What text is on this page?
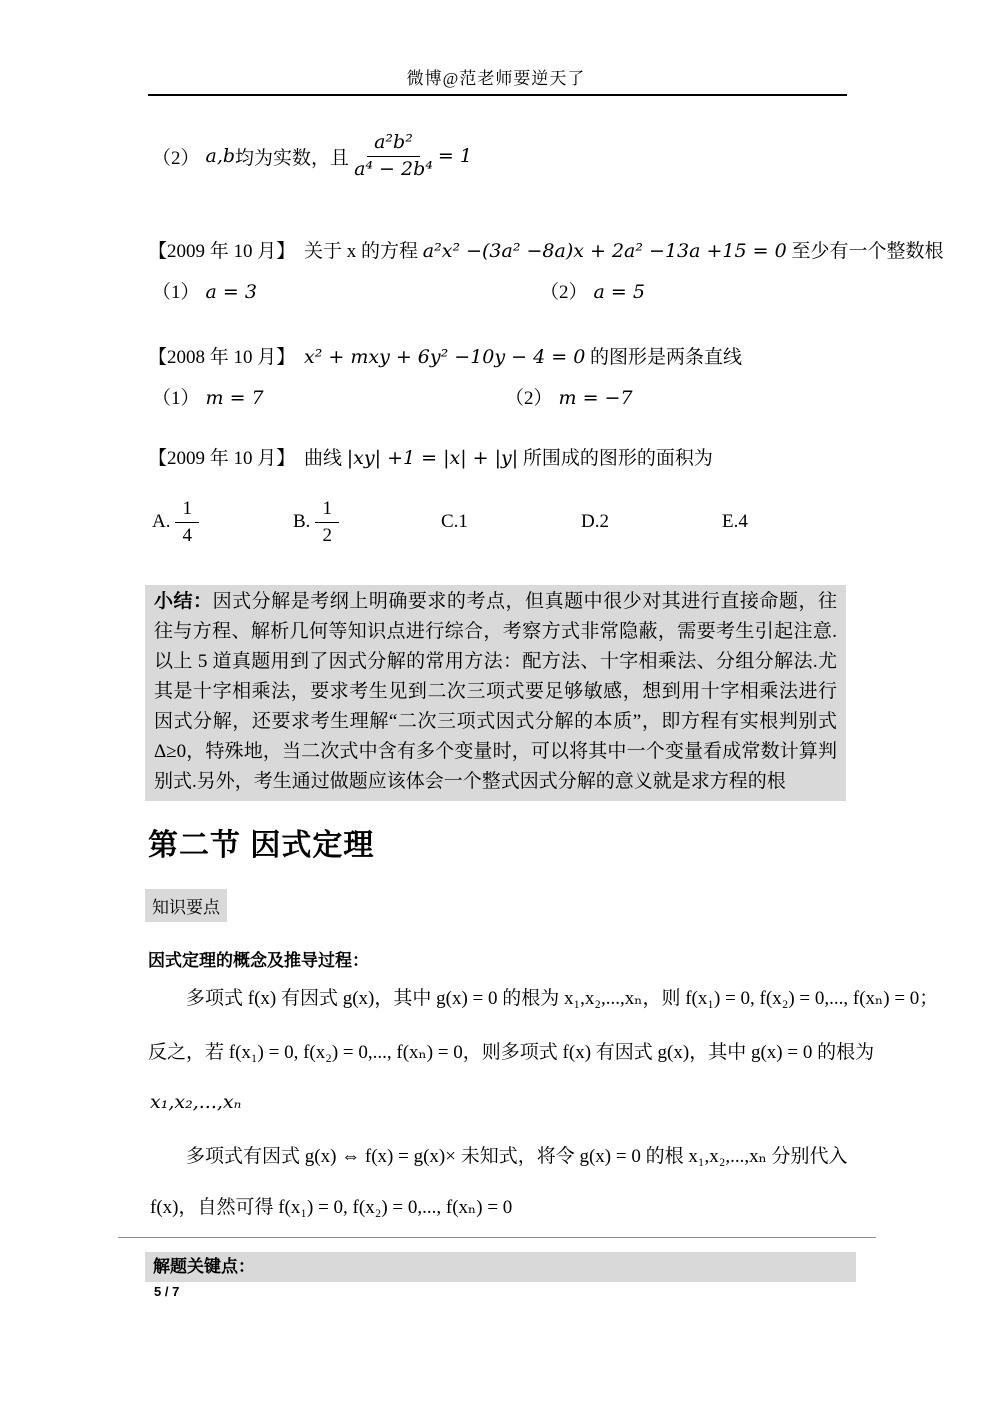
微博@范老师要逆天了
（2） a,b 均为实数，且 $\frac{\text{a²b²}}{\text{a⁴ − 2b⁴}} = 1$
【2009 年 10 月】 关于 x 的方程 a²x² −(3a² −8a)x + 2a² −13a +15 = 0 至少有一个整数根
（1） a = 3	（2） a = 5
【2008 年 10 月】 x² + mxy + 6y² −10y − 4 = 0 的图形是两条直线
（1） m = 7	（2） m = −7
【2009 年 10 月】 曲线 |xy| +1 = |x| + |y| 所围成的图形的面积为
A. $\frac{1}{4}$	B. $\frac{1}{2}$	C.1	D.2	E.4
小结：因式分解是考纲上明确要求的考点，但真题中很少对其进行直接命题，往往与方程、解析几何等知识点进行综合，考察方式非常隐蔽，需要考生引起注意.以上 5 道真题用到了因式分解的常用方法：配方法、十字相乘法、分组分解法.尤其是十字相乘法，要求考生见到二次三项式要足够敏感，想到用十字相乘法进行因式分解，还要求考生理解“二次三项式因式分解的本质”，即方程有实根判别式 Δ≥0，特殊地，当二次式中含有多个变量时，可以将其中一个变量看成常数计算判别式.另外，考生通过做题应该体会一个整式因式分解的意义就是求方程的根
第二节 因式定理
知识要点
因式定理的概念及推导过程：
多项式 f(x) 有因式 g(x)，其中 g(x) = 0 的根为 x₁,x₂,...,xₙ，则 f(x₁) = 0, f(x₂) = 0,..., f(xₙ) = 0；
反之，若 f(x₁) = 0, f(x₂) = 0,..., f(xₙ) = 0，则多项式 f(x) 有因式 g(x)，其中 g(x) = 0 的根为
x₁,x₂,...,xₙ
多项式有因式 g(x) ⇔ f(x) = g(x)× 未知式，将令 g(x) = 0 的根 x₁,x₂,...,xₙ 分别代入
f(x)，自然可得 f(x₁) = 0, f(x₂) = 0,..., f(xₙ) = 0
解题关键点：
5 / 7
